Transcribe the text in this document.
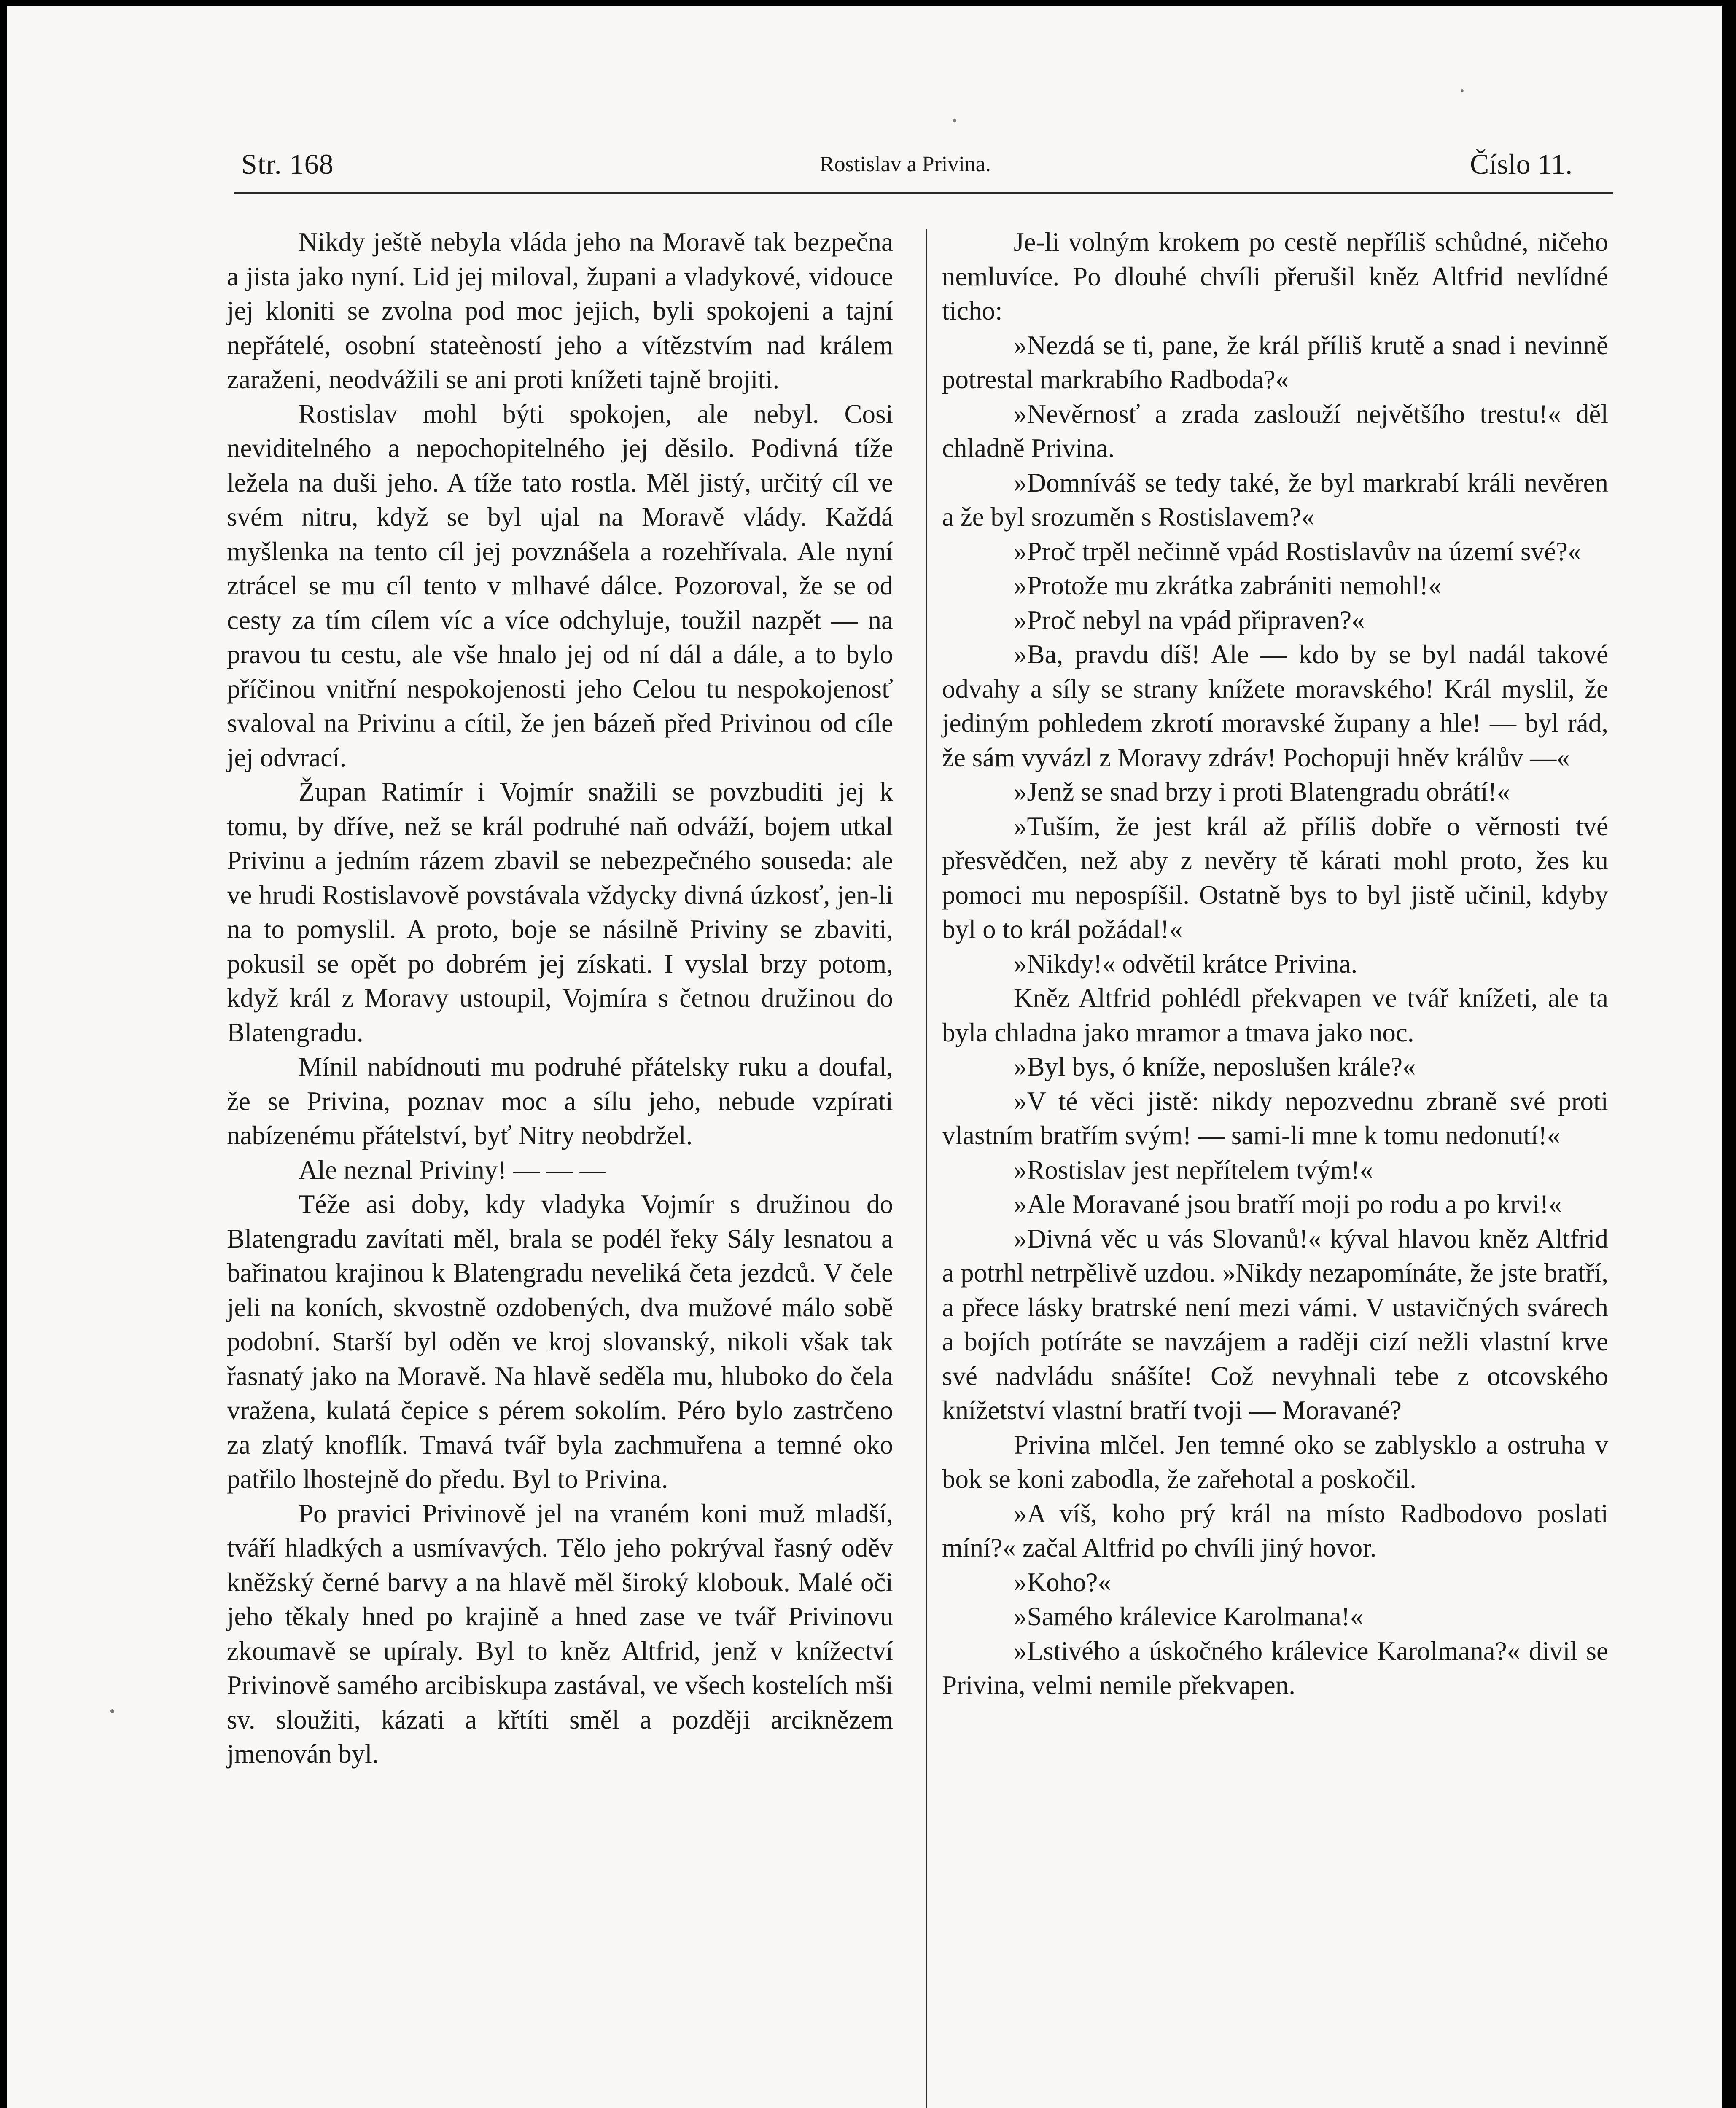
Str. 168	Rostislav a Privina.	Číslo 11.

Nikdy ještě nebyla vláda jeho na Moravě tak bezpečna a jista jako nyní. Lid jej miloval, župani a vladykové, vidouce jej kloniti se zvolna pod moc jejich, byli spokojeni a tajní nepřátelé, osobní stateèností jeho a vítězstvím nad králem zaraženi, neodvážili se ani proti knížeti tajně brojiti.

Rostislav mohl býti spokojen, ale nebyl. Cosi neviditelného a nepochopitelného jej děsilo. Podivná tíže ležela na duši jeho. A tíže tato rostla. Měl jistý, určitý cíl ve svém nitru, když se byl ujal na Moravě vlády. Každá myšlenka na tento cíl jej povznášela a rozehřívala. Ale nyní ztrácel se mu cíl tento v mlhavé dálce. Pozoroval, že se od cesty za tím cílem víc a více odchyluje, toužil nazpět — na pravou tu cestu, ale vše hnalo jej od ní dál a dále, a to bylo příčinou vnitřní nespokojenosti jeho Celou tu nespokojenosť svaloval na Privinu a cítil, že jen bázeň před Privinou od cíle jej odvrací.

Župan Ratimír i Vojmír snažili se povzbuditi jej k tomu, by dříve, než se král podruhé naň odváží, bojem utkal Privinu a jedním rázem zbavil se nebezpečného souseda: ale ve hrudi Rostislavově povstávala vždycky divná úzkosť, jen-li na to pomyslil. A proto, boje se násilně Priviny se zbaviti, pokusil se opět po dobrém jej získati. I vyslal brzy potom, když král z Moravy ustoupil, Vojmíra s četnou družinou do Blatengradu.

Mínil nabídnouti mu podruhé přátelsky ruku a doufal, že se Privina, poznav moc a sílu jeho, nebude vzpírati nabízenému přátelství, byť Nitry neobdržel.

Ale neznal Priviny! — — —

Téže asi doby, kdy vladyka Vojmír s družinou do Blatengradu zavítati měl, brala se podél řeky Sály lesnatou a bařinatou krajinou k Blatengradu neveliká četa jezdců. V čele jeli na koních, skvostně ozdobených, dva mužové málo sobě podobní. Starší byl oděn ve kroj slovanský, nikoli však tak řasnatý jako na Moravě. Na hlavě seděla mu, hluboko do čela vražena, kulatá čepice s pérem sokolím. Péro bylo zastrčeno za zlatý knoflík. Tmavá tvář byla zachmuřena a temné oko patřilo lhostejně do předu. Byl to Privina.

Po pravici Privinově jel na vraném koni muž mladší, tváří hladkých a usmívavých. Tělo jeho pokrýval řasný oděv kněžský černé barvy a na hlavě měl široký klobouk. Malé oči jeho těkaly hned po krajině a hned zase ve tvář Privinovu zkoumavě se upíraly. Byl to kněz Altfrid, jenž v knížectví Privinově samého arcibiskupa zastával, ve všech kostelích mši sv. sloužiti, kázati a křtíti směl a později arciknězem jmenován byl.

Je-li volným krokem po cestě nepříliš schůdné, ničeho nemluvíce. Po dlouhé chvíli přerušil kněz Altfrid nevlídné ticho:

»Nezdá se ti, pane, že král příliš krutě a snad i nevinně potrestal markrabího Radboda?«

»Nevěrnosť a zrada zaslouží největšího trestu!« děl chladně Privina.

»Domníváš se tedy také, že byl markrabí králi nevěren a že byl srozuměn s Rostislavem?«

»Proč trpěl nečinně vpád Rostislavův na území své?«

»Protože mu zkrátka zabrániti nemohl!«

»Proč nebyl na vpád připraven?«

»Ba, pravdu díš! Ale — kdo by se byl nadál takové odvahy a síly se strany knížete moravského! Král myslil, že jediným pohledem zkrotí moravské župany a hle! — byl rád, že sám vyvázl z Moravy zdráv! Pochopuji hněv králův —«

»Jenž se snad brzy i proti Blatengradu obrátí!«

»Tuším, že jest král až příliš dobře o věrnosti tvé přesvědčen, než aby z nevěry tě kárati mohl proto, žes ku pomoci mu nepospíšil. Ostatně bys to byl jistě učinil, kdyby byl o to král požádal!«

»Nikdy!« odvětil krátce Privina.

Kněz Altfrid pohlédl překvapen ve tvář knížeti, ale ta byla chladna jako mramor a tmava jako noc.

»Byl bys, ó kníže, neposlušen krále?«

»V té věci jistě: nikdy nepozvednu zbraně své proti vlastním bratřím svým! — sami-li mne k tomu nedonutí!«

»Rostislav jest nepřítelem tvým!«

»Ale Moravané jsou bratří moji po rodu a po krvi!«

»Divná věc u vás Slovanů!« kýval hlavou kněz Altfrid a potrhl netrpělivě uzdou. »Nikdy nezapomínáte, že jste bratří, a přece lásky bratrské není mezi vámi. V ustavičných svárech a bojích potíráte se navzájem a raději cizí nežli vlastní krve své nadvládu snášíte! Což nevyhnali tebe z otcovského knížetství vlastní bratří tvoji — Moravané?

Privina mlčel. Jen temné oko se zablysklo a ostruha v bok se koni zabodla, že zařehotal a poskočil.

»A víš, koho prý král na místo Radbodovo poslati míní?« začal Altfrid po chvíli jiný hovor.

»Koho?«

»Samého králevice Karolmana!«

»Lstivého a úskočného králevice Karolmana?« divil se Privina, velmi nemile překvapen.
